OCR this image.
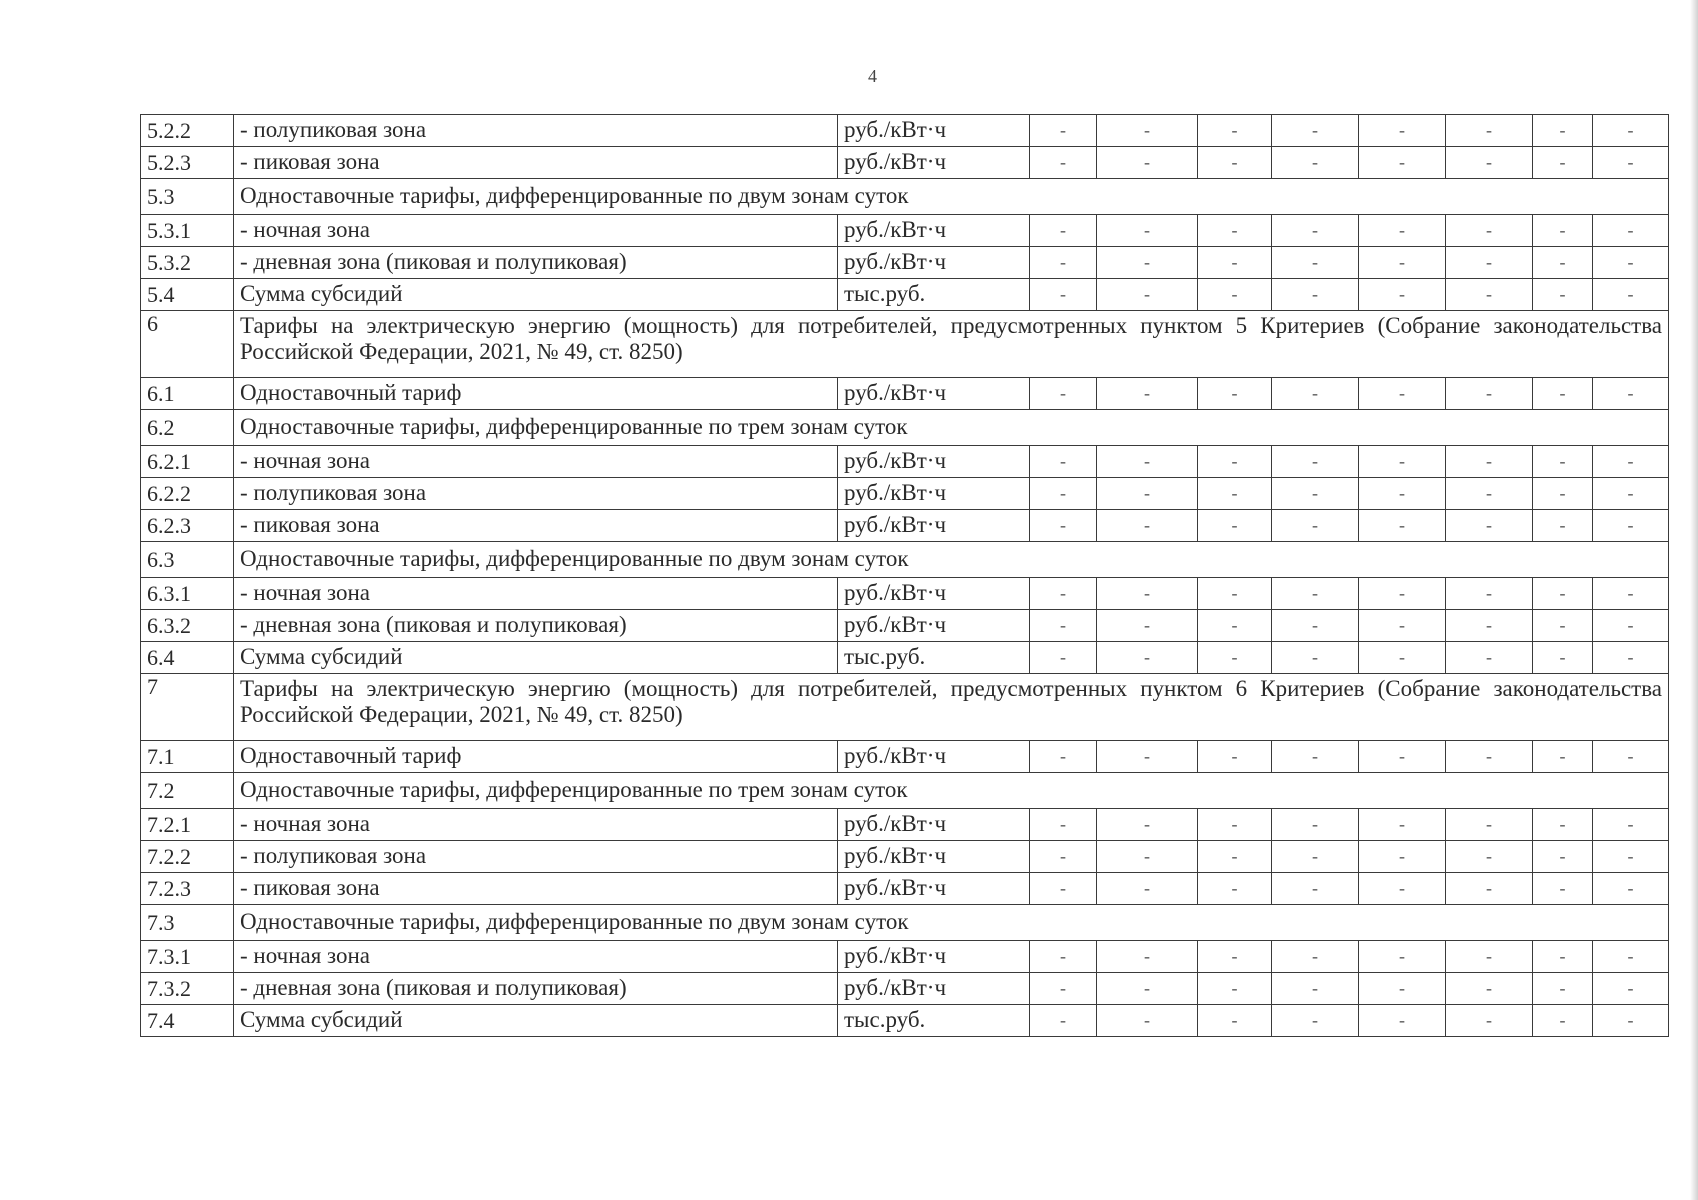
4
5.2.2	- полупиковая зона	руб./кВт·ч	-	-	-	-	-	-	-	-
5.2.3	- пиковая зона	руб./кВт·ч	-	-	-	-	-	-	-	-
5.3	Одноставочные тарифы, дифференцированные по двум зонам суток									
5.3.1	- ночная зона	руб./кВт·ч	-	-	-	-	-	-	-	-
5.3.2	- дневная зона (пиковая и полупиковая)	руб./кВт·ч	-	-	-	-	-	-	-	-
5.4	Сумма субсидий	тыс.руб.	-	-	-	-	-	-	-	-
6	Тарифы на электрическую энергию (мощность) для потребителей, предусмотренных пунктом 5 Критериев (Собрание законодательства Российской Федерации, 2021, № 49, ст. 8250)									
6.1	Одноставочный тариф	руб./кВт·ч	-	-	-	-	-	-	-	-
6.2	Одноставочные тарифы, дифференцированные по трем зонам суток									
6.2.1	- ночная зона	руб./кВт·ч	-	-	-	-	-	-	-	-
6.2.2	- полупиковая зона	руб./кВт·ч	-	-	-	-	-	-	-	-
6.2.3	- пиковая зона	руб./кВт·ч	-	-	-	-	-	-	-	-
6.3	Одноставочные тарифы, дифференцированные по двум зонам суток									
6.3.1	- ночная зона	руб./кВт·ч	-	-	-	-	-	-	-	-
6.3.2	- дневная зона (пиковая и полупиковая)	руб./кВт·ч	-	-	-	-	-	-	-	-
6.4	Сумма субсидий	тыс.руб.	-	-	-	-	-	-	-	-
7	Тарифы на электрическую энергию (мощность) для потребителей, предусмотренных пунктом 6 Критериев (Собрание законодательства Российской Федерации, 2021, № 49, ст. 8250)									
7.1	Одноставочный тариф	руб./кВт·ч	-	-	-	-	-	-	-	-
7.2	Одноставочные тарифы, дифференцированные по трем зонам суток									
7.2.1	- ночная зона	руб./кВт·ч	-	-	-	-	-	-	-	-
7.2.2	- полупиковая зона	руб./кВт·ч	-	-	-	-	-	-	-	-
7.2.3	- пиковая зона	руб./кВт·ч	-	-	-	-	-	-	-	-
7.3	Одноставочные тарифы, дифференцированные по двум зонам суток									
7.3.1	- ночная зона	руб./кВт·ч	-	-	-	-	-	-	-	-
7.3.2	- дневная зона (пиковая и полупиковая)	руб./кВт·ч	-	-	-	-	-	-	-	-
7.4	Сумма субсидий	тыс.руб.	-	-	-	-	-	-	-	-
